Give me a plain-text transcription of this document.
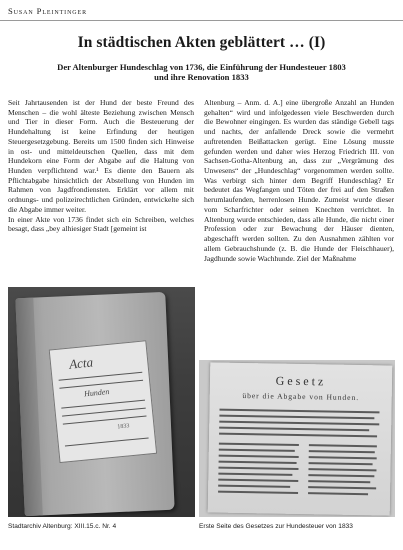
Susan Pleintinger
In städtischen Akten geblättert … (I)
Der Altenburger Hundeschlag von 1736, die Einführung der Hundesteuer 1803
und ihre Renovation 1833

Seit Jahrtausenden ist der Hund der beste Freund des Menschen – die wohl älteste Beziehung zwischen Mensch und Tier in dieser Form. Auch die Besteuerung der Hundehaltung ist keine Erfindung der heutigen Steuergesetzgebung. Bereits um 1500 finden sich Hinweise in ost- und mitteldeutschen Quellen, dass mit dem Hundekorn eine Form der Abgabe auf die Haltung von Hunden verpflichtend war.¹ Es diente den Bauern als Pflichtabgabe hinsichtlich der Abstellung von Hunden im Rahmen von Jagdfrondiensten. Erklärt vor allem mit ordnungs- und polizeirechtlichen Gründen, entwickelte sich die Abgabe immer weiter.

In einer Akte von 1736 findet sich ein Schreiben, welches besagt, dass „bey alhiesiger Stadt [gemeint ist

Altenburg – Anm. d. A.] eine übergroße Anzahl an Hunden gehalten“ wird und infolgedessen viele Beschwerden durch die Bewohner eingingen. Es wurden das ständige Gebell tags und nachts, der anfallende Dreck sowie die vermehrt auftretenden Beißattacken gerügt. Eine Lösung musste gefunden werden und daher wies Herzog Friedrich III. von Sachsen-Gotha-Altenburg an, dass zur „Vergrämung des Unwesens“ der „Hundeschlag“ vorgenommen werden sollte. Was verbirgt sich hinter dem Begriff Hundeschlag? Er bedeutet das Wegfangen und Töten der frei auf den Straßen herumlaufenden, herrenlosen Hunde. Zumeist wurde dieser vom Scharfrichter oder seinen Knechten verrichtet. In Altenburg wurde entschieden, dass alle Hunde, die nicht einer Profession oder zur Bewachung der Häuser dienten, abgeschafft werden sollten. Zu den Ausnahmen zählten vor allem Gebrauchshunde (z. B. die Hunde der Fleischhauer), Jagdhunde sowie Wachhunde. Ziel der Maßnahme

Acta
Hunden
1833
Gesetz
über die Abgabe von Hunden.
Stadtarchiv Altenburg: XIII.15.c. Nr. 4	Erste Seite des Gesetzes zur Hundesteuer von 1833
